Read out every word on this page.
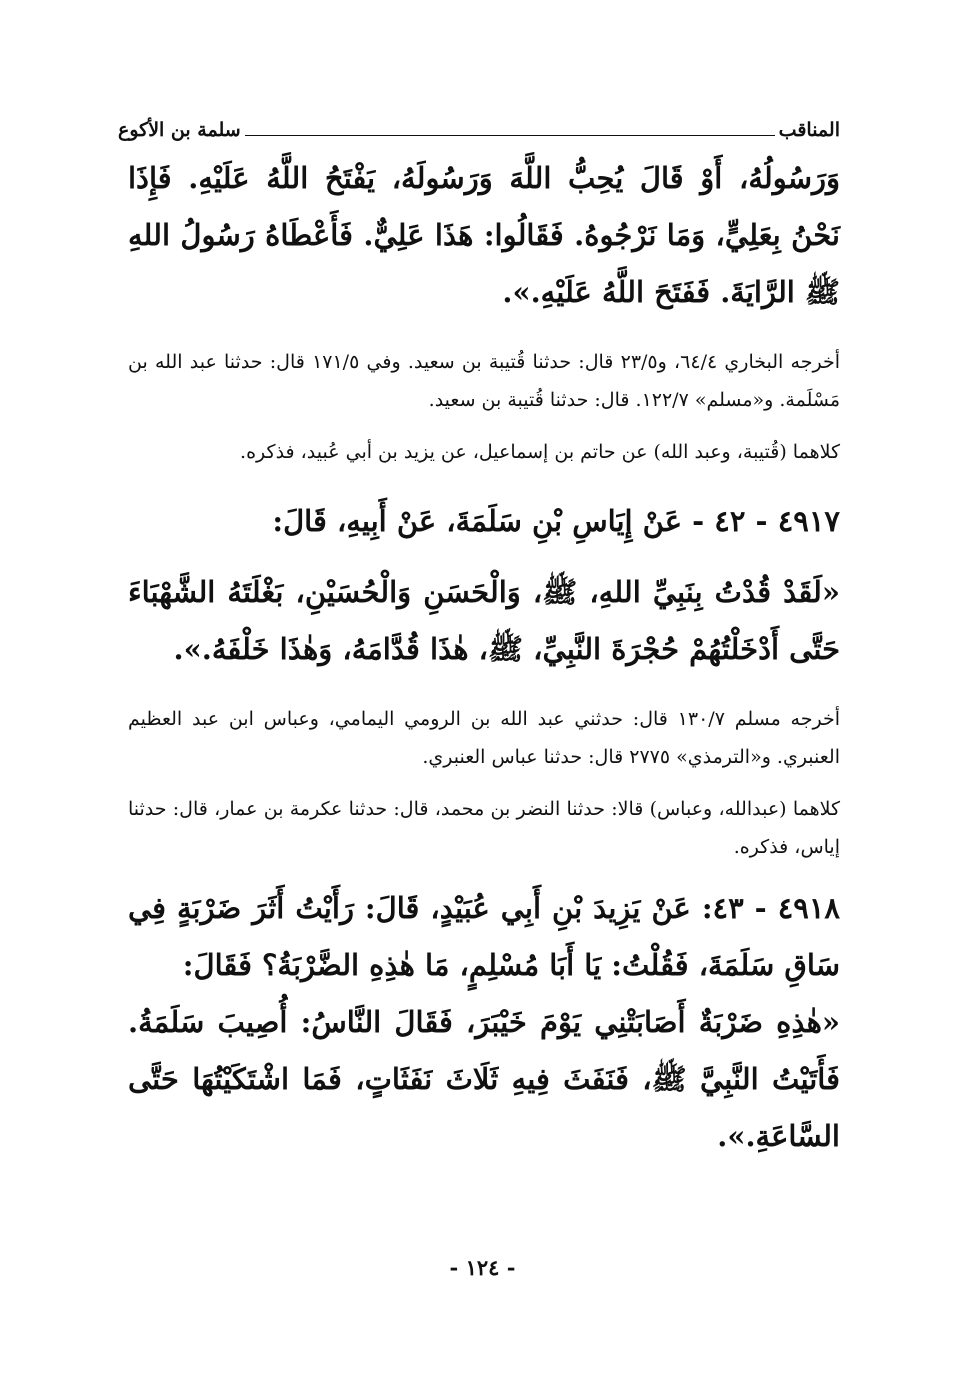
المناقب
سلمة بن الأكوع

وَرَسُولُهُ، أَوْ قَالَ يُحِبُّ اللَّهَ وَرَسُولَهُ، يَفْتَحُ اللَّهُ عَلَيْهِ. فَإِذَا نَحْنُ بِعَلِيٍّ، وَمَا نَرْجُوهُ. فَقَالُوا: هَذَا عَلِيٌّ. فَأَعْطَاهُ رَسُولُ اللهِ ﷺ الرَّايَةَ. فَفَتَحَ اللَّهُ عَلَيْهِ.».

أخرجه البخاري ٦٤/٤، و٢٣/٥ قال: حدثنا قُتيبة بن سعيد. وفي ١٧١/٥ قال: حدثنا عبد الله بن مَسْلَمة. و«مسلم» ١٢٢/٧. قال: حدثنا قُتيبة بن سعيد.

كلاهما (قُتيبة، وعبد الله) عن حاتم بن إسماعيل، عن يزيد بن أبي عُبيد، فذكره.

٤٩١٧ - ٤٢ - عَنْ إِيَاسِ بْنِ سَلَمَةَ، عَنْ أَبِيهِ، قَالَ:

«لَقَدْ قُدْتُ بِنَبِيِّ اللهِ، ﷺ، وَالْحَسَنِ وَالْحُسَيْنِ، بَغْلَتَهُ الشَّهْبَاءَ حَتَّى أَدْخَلْتُهُمْ حُجْرَةَ النَّبِيِّ، ﷺ، هٰذَا قُدَّامَهُ، وَهٰذَا خَلْفَهُ.».

أخرجه مسلم ١٣٠/٧ قال: حدثني عبد الله بن الرومي اليمامي، وعباس ابن عبد العظيم العنبري. و«الترمذي» ٢٧٧٥ قال: حدثنا عباس العنبري.

كلاهما (عبدالله، وعباس) قالا: حدثنا النضر بن محمد، قال: حدثنا عكرمة بن عمار، قال: حدثنا إياس، فذكره.

٤٩١٨ - ٤٣: عَنْ يَزِيدَ بْنِ أَبِي عُبَيْدٍ، قَالَ: رَأَيْتُ أَثَرَ ضَرْبَةٍ فِي سَاقِ سَلَمَةَ، فَقُلْتُ: يَا أَبَا مُسْلِمٍ، مَا هٰذِهِ الضَّرْبَةُ؟ فَقَالَ:

«هٰذِهِ ضَرْبَةٌ أَصَابَتْنِي يَوْمَ خَيْبَرَ، فَقَالَ النَّاسُ: أُصِيبَ سَلَمَةُ. فَأَتَيْتُ النَّبِيَّ ﷺ، فَنَفَثَ فِيهِ ثَلَاثَ نَفَثَاتٍ، فَمَا اشْتَكَيْتُهَا حَتَّى السَّاعَةِ.».

- ١٢٤ -
